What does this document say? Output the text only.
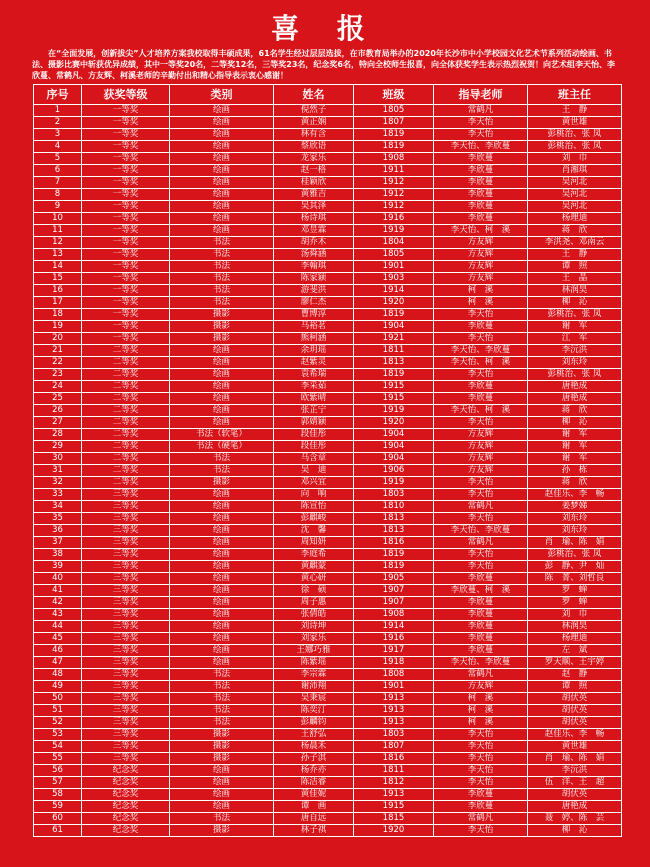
喜 报
在“全面发展，创新拔尖”人才培养方案我校取得丰硕成果，61名学生经过层层选拔，在市教育局举办的2020年长沙市中小学校园文化艺术节系列活动绘画、书法、摄影比赛中斩获优异成绩，其中一等奖20名，二等奖12名，三等奖23名，纪念奖6名，特向全校师生报喜，向全体获奖学生表示热烈祝贺！向艺术组李天怡、李欣蔓、常鹤凡、方友辉、柯溪老师的辛勤付出和精心指导表示衷心感谢！
序号	获奖等级	类别	姓名	班级	指导老师	班主任
1	一等奖	绘画	倪然子	1805	常鹤凡	王　静
2	一等奖	绘画	黄正娴	1807	李天怡	黄世雄
3	一等奖	绘画	林有含	1819	李天怡	彭桃治、张 凤
4	一等奖	绘画	蔡欣语	1819	李天怡、李欣蔓	彭桃治、张 凤
5	一等奖	绘画	龙家乐	1908	李欣蔓	刘　巾
6	一等奖	绘画	赵一格	1911	李欣蔓	肖湘琪
7	一等奖	绘画	桂颖欣	1912	李欣蔓	吴河北
8	一等奖	绘画	黄雅吉	1912	李欣蔓	吴河北
9	一等奖	绘画	吴其泽	1912	李欣蔓	吴河北
10	一等奖	绘画	杨诗琪	1916	李欣蔓	杨理迪
11	一等奖	绘画	邓昱霖	1919	李天怡、柯　溪	蒋　欣
12	一等奖	书法	胡乔木	1804	方友辉	李洪尧、邓南云
13	一等奖	书法	汤舜涵	1805	方友辉	王　静
14	一等奖	书法	李翰琪	1901	方友辉	谭　照
15	一等奖	书法	陈家颖	1903	方友辉	王　晶
16	一等奖	书法	游斐洪	1914	柯　溪	林润昊
17	一等奖	书法	廖仁杰	1920	柯　溪	柳　沁
18	一等奖	摄影	曹博淳	1819	李天怡	彭桃治、张 凤
19	一等奖	摄影	马裕茗	1904	李欣蔓	谢　军
20	一等奖	摄影	熊柯涵	1921	李天怡	江　军
21	二等奖	绘画	余玥瑶	1811	李天怡、李欣蔓	李沅洪
22	二等奖	绘画	赵紫灵	1813	李天怡、柯　溪	刘东玲
23	二等奖	绘画	袁希瑞	1819	李天怡	彭桃治、张 凤
24	二等奖	绘画	李采茹	1915	李欣蔓	唐艳成
25	二等奖	绘画	欧紫晴	1915	李欣蔓	唐艳成
26	二等奖	绘画	张芷宁	1919	李天怡、柯　溪	蒋　欣
27	二等奖	绘画	郭婧颖	1920	李天怡	柳　沁
28	二等奖	书法（软笔）	段佳彤	1904	方友辉	谢　军
29	二等奖	书法（硬笔）	段佳彤	1904	方友辉	谢　军
30	二等奖	书法	马含章	1904	方友辉	谢　军
31	二等奖	书法	吴　迪	1906	方友辉	孙　栋
32	二等奖	摄影	邓兴宜	1919	李天怡	蒋　欣
33	三等奖	绘画	向　响	1803	李天怡	赵佳乐、李　畅
34	三等奖	绘画	陈宣怡	1810	常鹤凡	姜梦娣
35	三等奖	绘画	彭麒峻	1813	李天怡	刘东玲
36	三等奖	绘画	沈　馨	1813	李天怡、李欣蔓	刘东玲
37	三等奖	绘画	周知妍	1816	常鹤凡	肖　瑜、陈　娟
38	三等奖	绘画	李庭希	1819	李天怡	彭桃治、张 凤
39	三等奖	绘画	黄麒蒙	1819	李天怡	彭　静、尹　灿
40	三等奖	绘画	黄心研	1905	李欣蔓	陈　菁、刘哲良
41	三等奖	绘画	徐　硕	1907	李欣蔓、柯　溪	罗　蝉
42	三等奖	绘画	周子惠	1907	李欣蔓	罗　蝉
43	三等奖	绘画	张倩皓	1908	李欣蔓	刘　巾
44	三等奖	绘画	刘诗坤	1914	李欣蔓	林润昊
45	三等奖	绘画	刘家乐	1916	李欣蔓	杨理迪
46	三等奖	绘画	王娜巧雅	1917	李欣蔓	左　斌
47	三等奖	绘画	陈紫瑶	1918	李天怡、李欣蔓	罗天顺、王宇婷
48	三等奖	书法	李宗霖	1808	常鹤凡	赵　静
49	三等奖	书法	谢沛翔	1901	方友辉	谭　照
50	三等奖	书法	吴秉宸	1913	柯　溪	胡伏英
51	三等奖	书法	陈奕汀	1913	柯　溪	胡伏英
52	三等奖	书法	彭麟钧	1913	柯　溪	胡伏英
53	三等奖	摄影	王舒弘	1803	李天怡	赵佳乐、李　畅
54	三等奖	摄影	杨晨禾	1807	李天怡	黄世雄
55	三等奖	摄影	孙子淇	1816	李天怡	肖　瑜、陈　娟
56	纪念奖	绘画	杨乔亦	1811	李天怡	李沅洪
57	纪念奖	绘画	陈洁睿	1812	李天怡	伍　洋、王　超
58	纪念奖	绘画	黄佳妮	1913	李欣蔓	胡伏英
59	纪念奖	绘画	谭　画	1915	李欣蔓	唐艳成
60	纪念奖	书法	唐自远	1815	常鹤凡	聂　婷、陈　芸
61	纪念奖	摄影	林子祺	1920	李天怡	柳　沁
